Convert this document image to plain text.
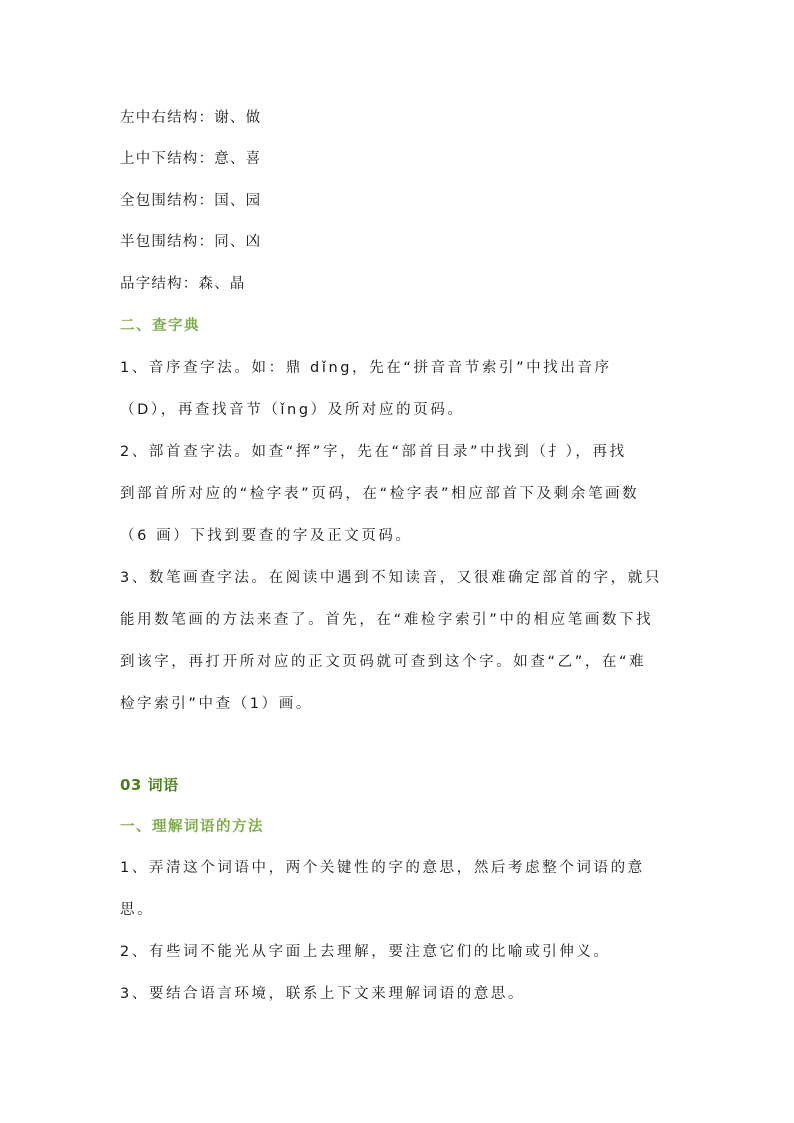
左中右结构：谢、做
上中下结构：意、喜
全包围结构：国、园
半包围结构：同、凶
品字结构：森、晶
二、查字典
1、音序查字法。如：鼎 dǐng，先在“拼音音节索引”中找出音序
（D），再查找音节（ǐng）及所对应的页码。
2、部首查字法。如查“挥”字，先在“部首目录”中找到（扌），再找
到部首所对应的“检字表”页码，在“检字表”相应部首下及剩余笔画数
（6 画）下找到要查的字及正文页码。
3、数笔画查字法。在阅读中遇到不知读音，又很难确定部首的字，就只
能用数笔画的方法来查了。首先，在“难检字索引”中的相应笔画数下找
到该字，再打开所对应的正文页码就可查到这个字。如查“乙”，在“难
检字索引”中查（1）画。
03 词语
一、理解词语的方法
1、弄清这个词语中，两个关键性的字的意思，然后考虑整个词语的意
思。
2、有些词不能光从字面上去理解，要注意它们的比喻或引伸义。
3、要结合语言环境，联系上下文来理解词语的意思。
